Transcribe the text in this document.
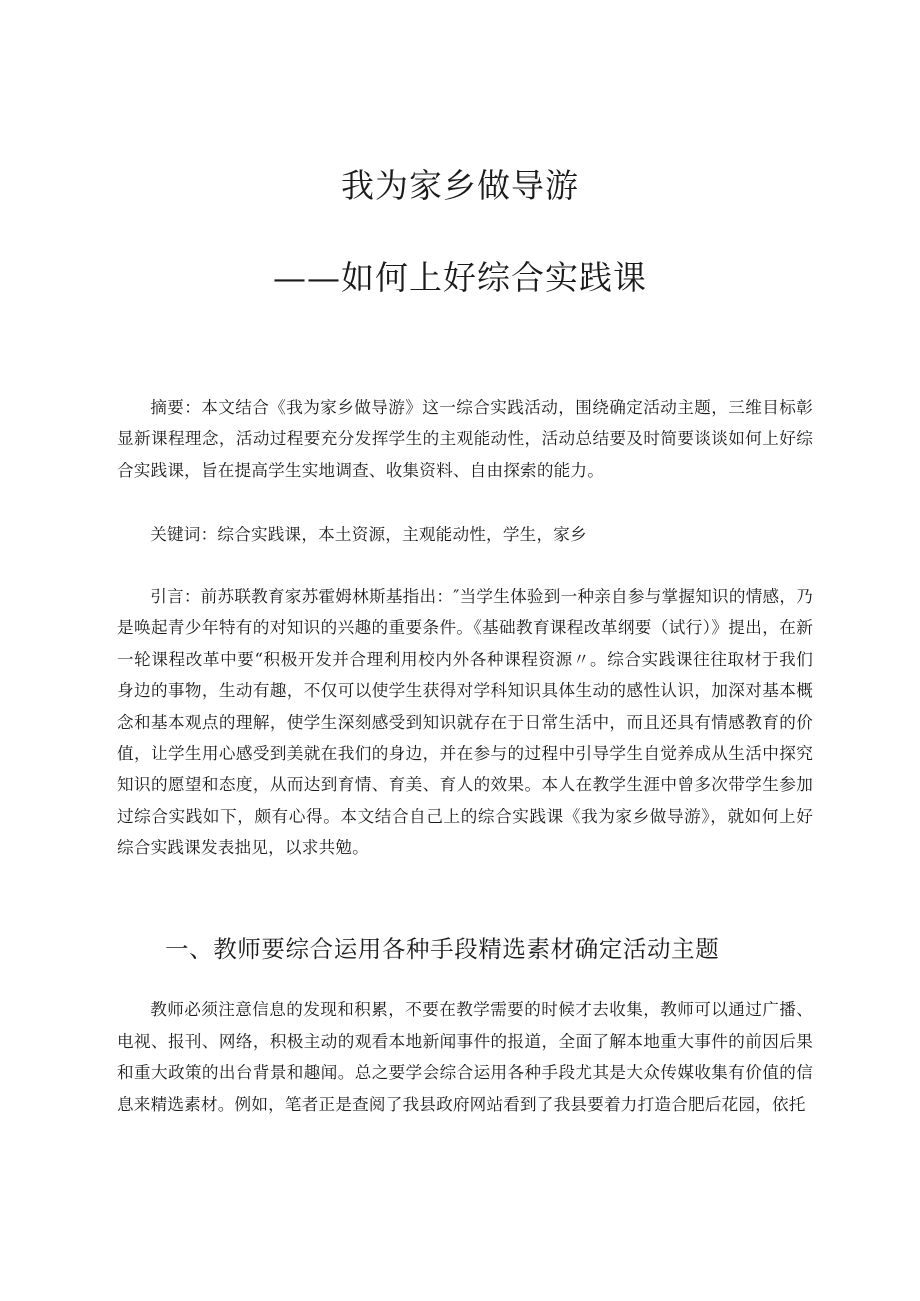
我为家乡做导游
——如何上好综合实践课

摘要：本文结合《我为家乡做导游》这一综合实践活动，围绕确定活动主题，三维目标彰显新课程理念，活动过程要充分发挥学生的主观能动性，活动总结要及时简要谈谈如何上好综合实践课，旨在提高学生实地调查、收集资料、自由探索的能力。

关键词：综合实践课，本土资源，主观能动性，学生，家乡

引言：前苏联教育家苏霍姆林斯基指出：″当学生体验到一种亲自参与掌握知识的情感，乃是唤起青少年特有的对知识的兴趣的重要条件。《基础教育课程改革纲要（试行）》提出，在新一轮课程改革中要“积极开发并合理利用校内外各种课程资源〃。综合实践课往往取材于我们身边的事物，生动有趣，不仅可以使学生获得对学科知识具体生动的感性认识，加深对基本概念和基本观点的理解，使学生深刻感受到知识就存在于日常生活中，而且还具有情感教育的价值，让学生用心感受到美就在我们的身边，并在参与的过程中引导学生自觉养成从生活中探究知识的愿望和态度，从而达到育情、育美、育人的效果。本人在教学生涯中曾多次带学生参加过综合实践如下，颇有心得。本文结合自己上的综合实践课《我为家乡做导游》，就如何上好综合实践课发表拙见，以求共勉。

一、教师要综合运用各种手段精选素材确定活动主题

教师必须注意信息的发现和积累，不要在教学需要的时候才去收集，教师可以通过广播、电视、报刊、网络，积极主动的观看本地新闻事件的报道，全面了解本地重大事件的前因后果和重大政策的出台背景和趣闻。总之要学会综合运用各种手段尤其是大众传媒收集有价值的信息来精选素材。例如，笔者正是查阅了我县政府网站看到了我县要着力打造合肥后花园，依托
